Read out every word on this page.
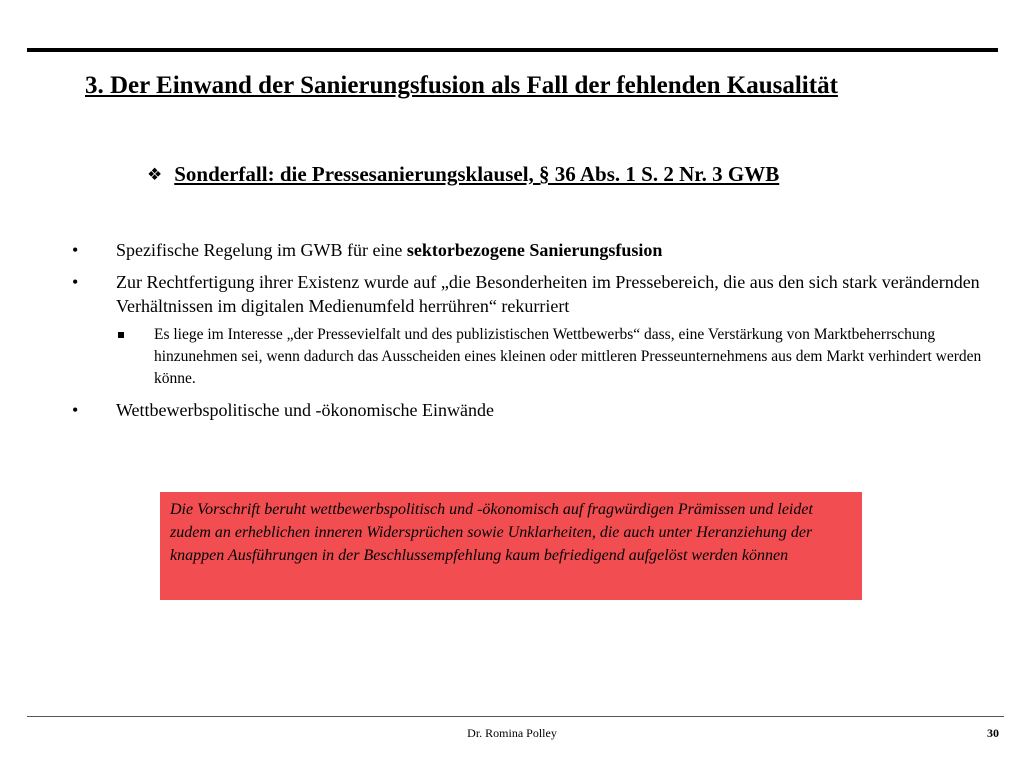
3. Der Einwand der Sanierungsfusion als Fall der fehlenden Kausalität
❖ Sonderfall: die Pressesanierungsklausel, § 36 Abs. 1 S. 2 Nr. 3 GWB
• Spezifische Regelung im GWB für eine sektorbezogene Sanierungsfusion
• Zur Rechtfertigung ihrer Existenz wurde auf „die Besonderheiten im Pressebereich, die aus den sich stark verändernden Verhältnissen im digitalen Medienumfeld herrühren“ rekurriert
Es liege im Interesse „der Pressevielfalt und des publizistischen Wettbewerbs“ dass, eine Verstärkung von Marktbeherrschung hinzunehmen sei, wenn dadurch das Ausscheiden eines kleinen oder mittleren Presseunternehmens aus dem Markt verhindert werden könne.
• Wettbewerbspolitische und -ökonomische Einwände
Die Vorschrift beruht wettbewerbspolitisch und -ökonomisch auf fragwürdigen Prämissen und leidet zudem an erheblichen inneren Widersprüchen sowie Unklarheiten, die auch unter Heranziehung der knappen Ausführungen in der Beschlussempfehlung kaum befriedigend aufgelöst werden können
Dr. Romina Polley	30
